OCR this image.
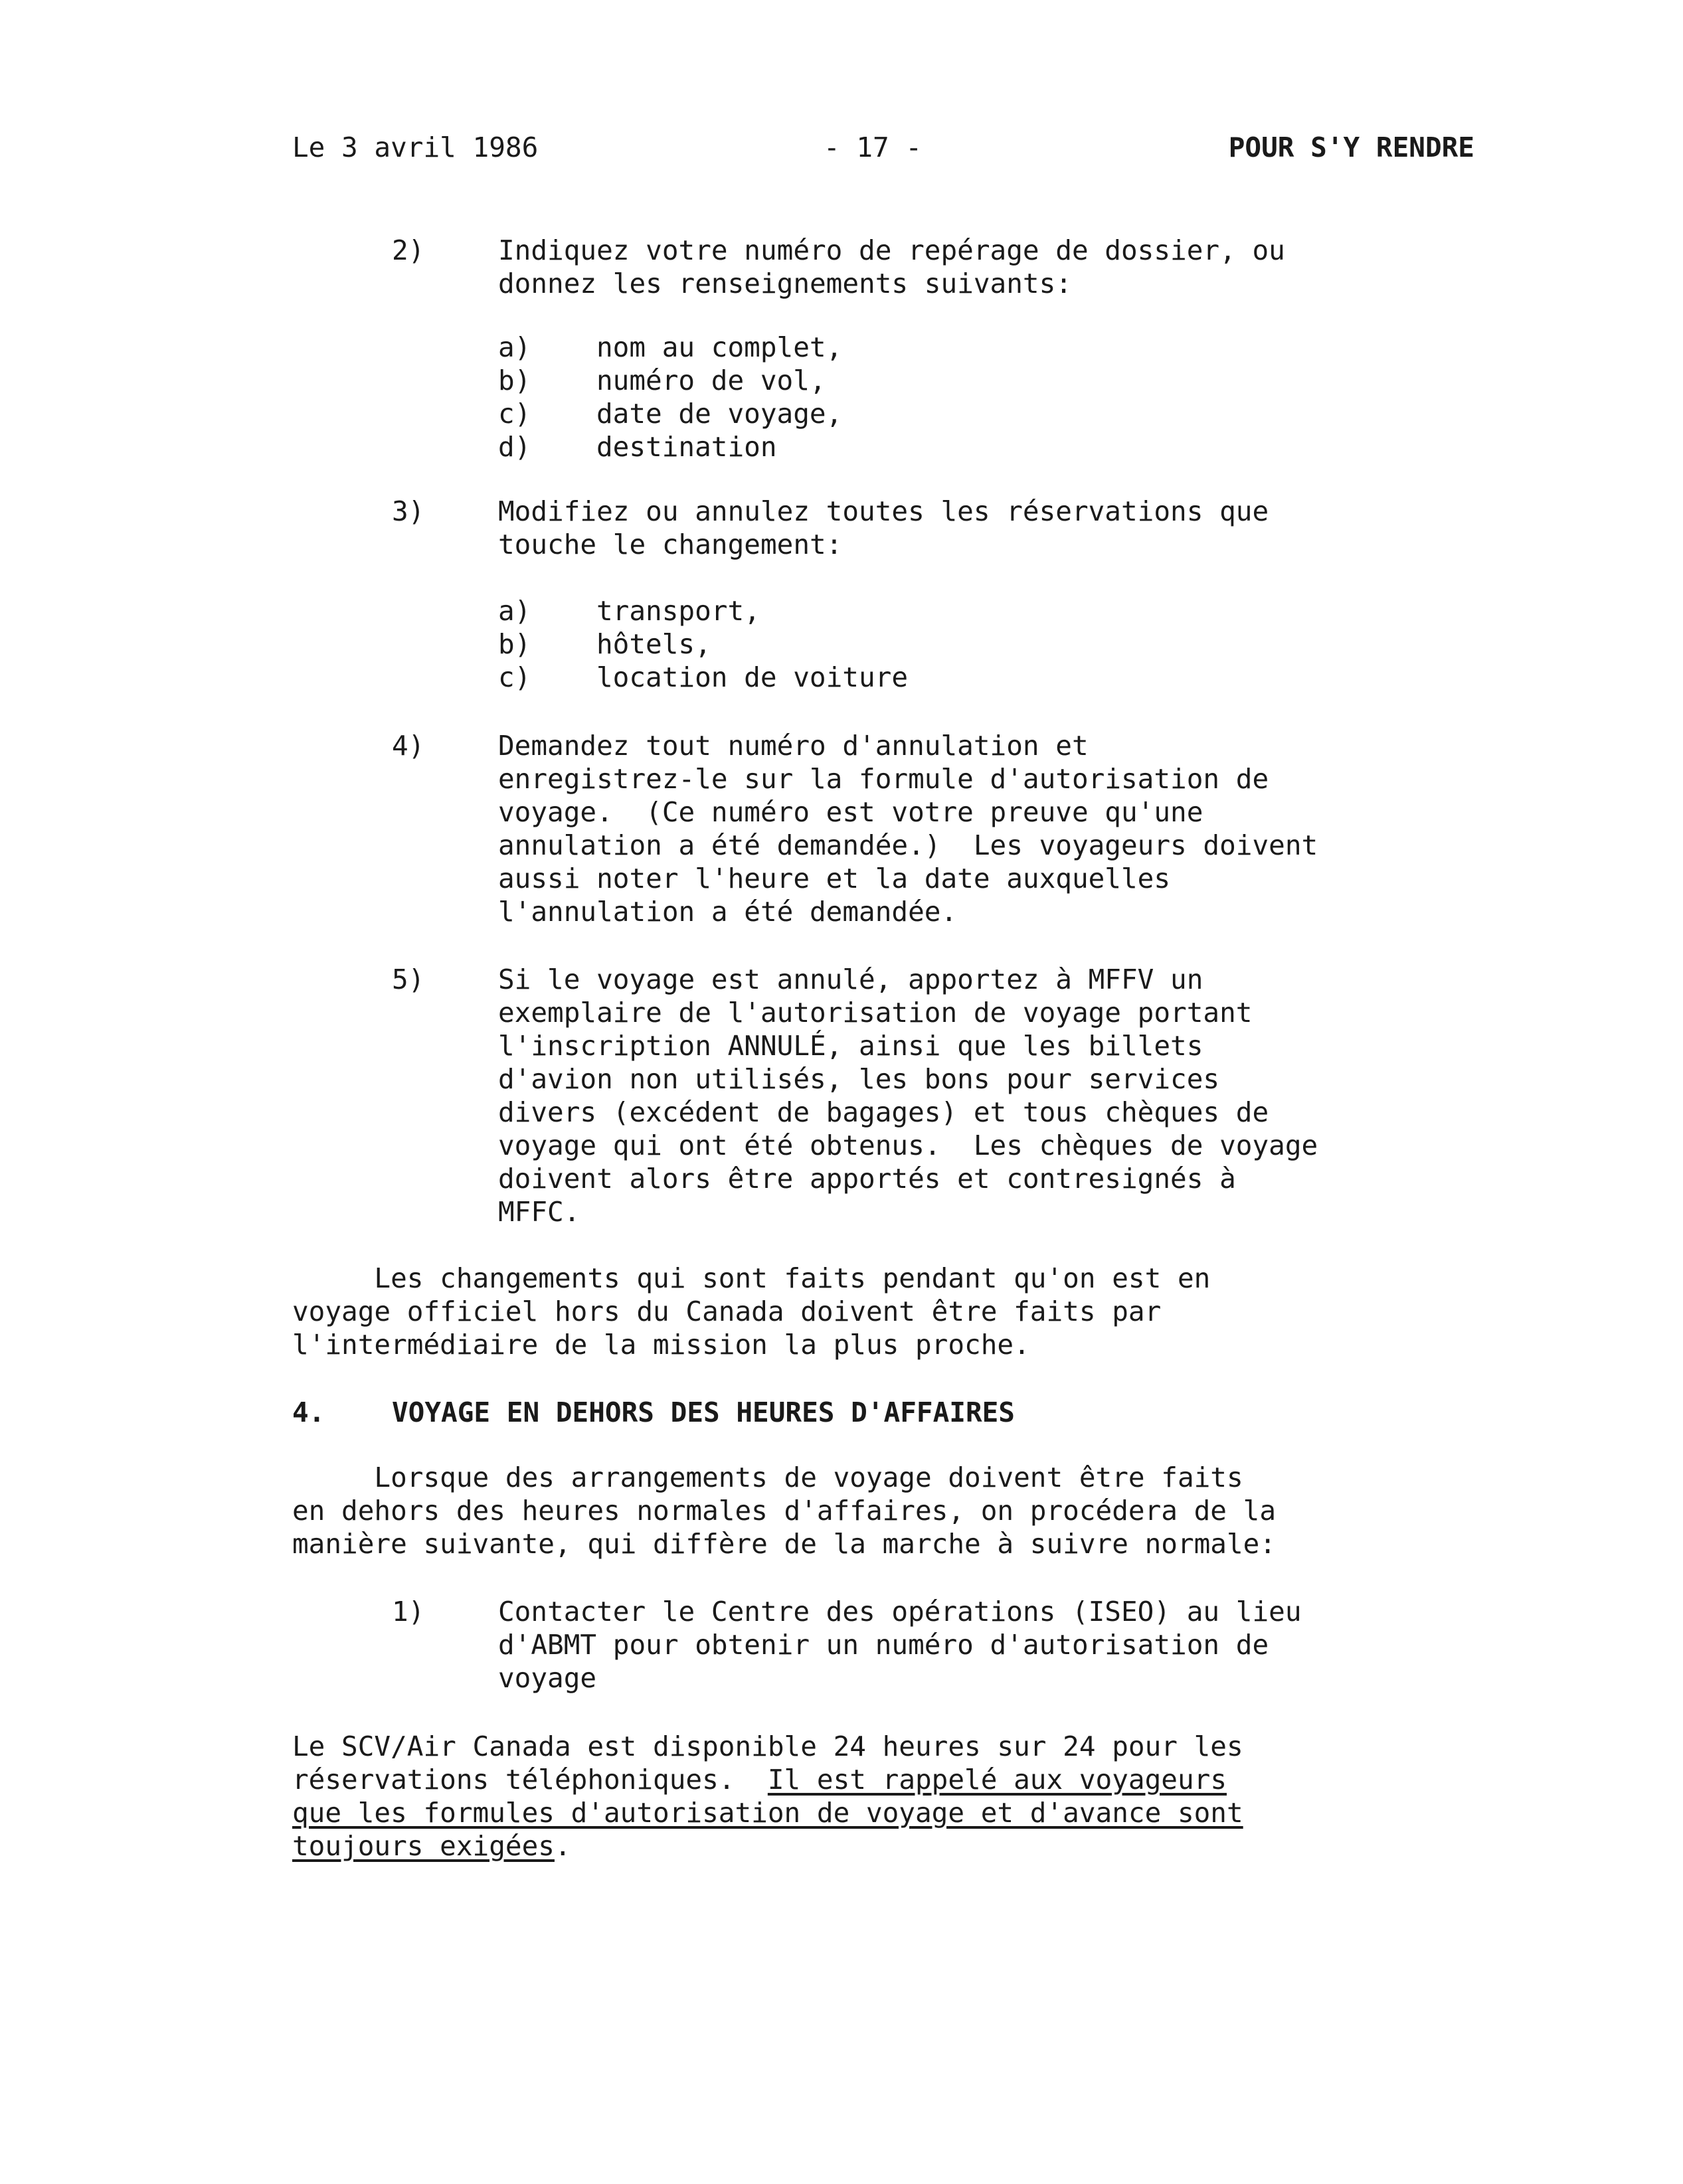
Le 3 avril 1986	- 17 -	POUR S'Y RENDRE
2)	Indiquez votre numéro de repérage de dossier, ou
donnez les renseignements suivants:
a) nom au complet,
b) numéro de vol,
c) date de voyage,
d) destination
3)	Modifiez ou annulez toutes les réservations que
touche le changement:
a) transport,
b) hôtels,
c) location de voiture
4)	Demandez tout numéro d'annulation et
enregistrez-le sur la formule d'autorisation de
voyage.  (Ce numéro est votre preuve qu'une
annulation a été demandée.)  Les voyageurs doivent
aussi noter l'heure et la date auxquelles
l'annulation a été demandée.
5)	Si le voyage est annulé, apportez à MFFV un
exemplaire de l'autorisation de voyage portant
l'inscription ANNULÉ, ainsi que les billets
d'avion non utilisés, les bons pour services
divers (excédent de bagages) et tous chèques de
voyage qui ont été obtenus.  Les chèques de voyage
doivent alors être apportés et contresignés à
MFFC.
Les changements qui sont faits pendant qu'on est en
voyage officiel hors du Canada doivent être faits par
l'intermédiaire de la mission la plus proche.
4. VOYAGE EN DEHORS DES HEURES D'AFFAIRES
Lorsque des arrangements de voyage doivent être faits
en dehors des heures normales d'affaires, on procédera de la
manière suivante, qui diffère de la marche à suivre normale:
1)	Contacter le Centre des opérations (ISEO) au lieu
d'ABMT pour obtenir un numéro d'autorisation de
voyage
Le SCV/Air Canada est disponible 24 heures sur 24 pour les
réservations téléphoniques.  Il est rappelé aux voyageurs
que les formules d'autorisation de voyage et d'avance sont
toujours exigées.
